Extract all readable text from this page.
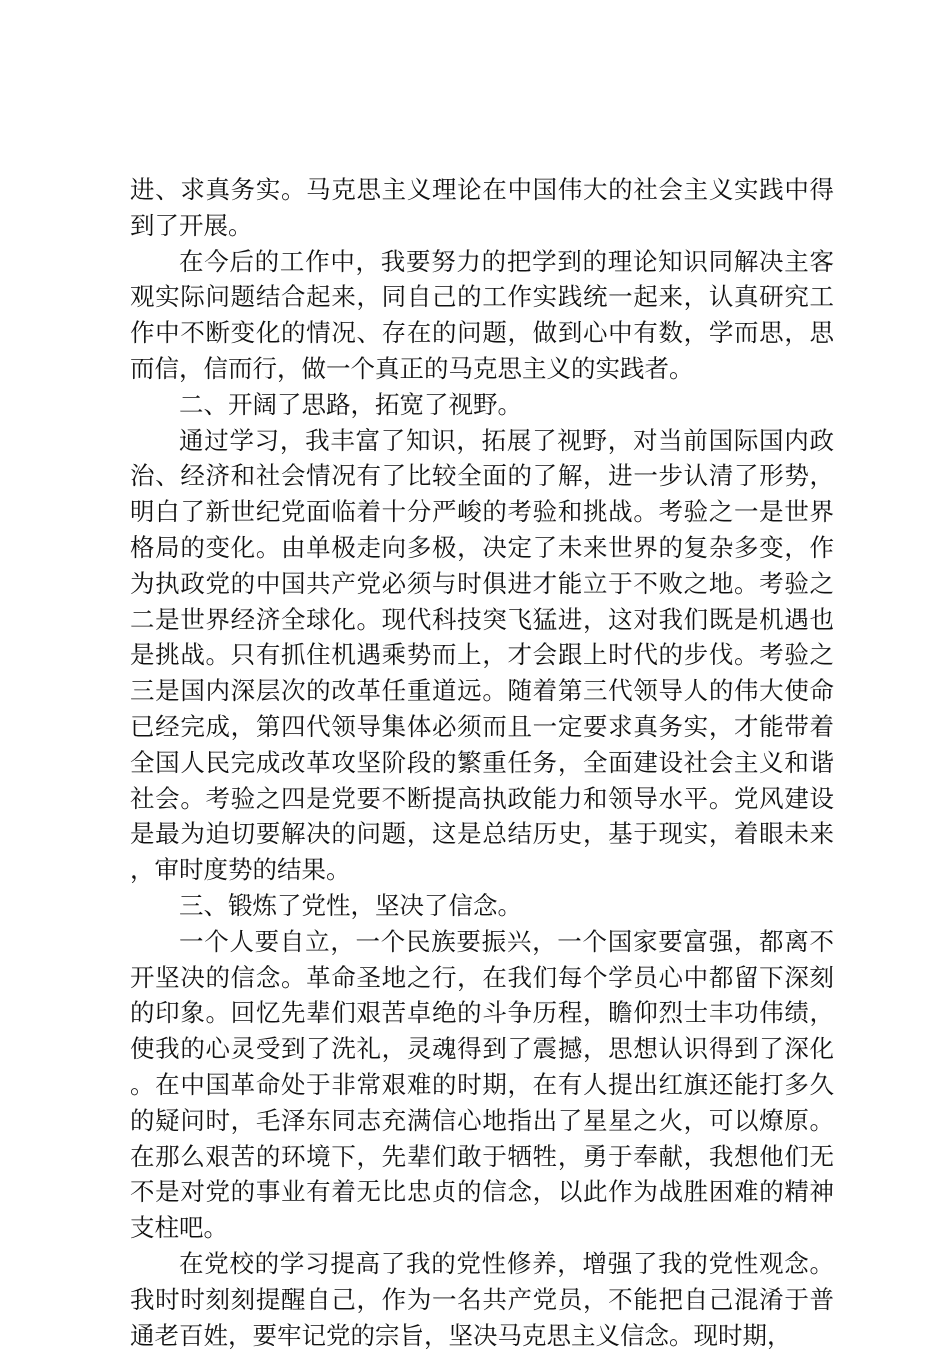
进、求真务实。马克思主义理论在中国伟大的社会主义实践中得到了开展。

在今后的工作中，我要努力的把学到的理论知识同解决主客观实际问题结合起来，同自己的工作实践统一起来，认真研究工作中不断变化的情况、存在的问题，做到心中有数，学而思，思而信，信而行，做一个真正的马克思主义的实践者。

二、开阔了思路，拓宽了视野。

通过学习，我丰富了知识，拓展了视野，对当前国际国内政治、经济和社会情况有了比较全面的了解，进一步认清了形势，明白了新世纪党面临着十分严峻的考验和挑战。考验之一是世界格局的变化。由单极走向多极，决定了未来世界的复杂多变，作为执政党的中国共产党必须与时俱进才能立于不败之地。考验之二是世界经济全球化。现代科技突飞猛进，这对我们既是机遇也是挑战。只有抓住机遇乘势而上，才会跟上时代的步伐。考验之三是国内深层次的改革任重道远。随着第三代领导人的伟大使命已经完成，第四代领导集体必须而且一定要求真务实，才能带着全国人民完成改革攻坚阶段的繁重任务，全面建设社会主义和谐社会。考验之四是党要不断提高执政能力和领导水平。党风建设是最为迫切要解决的问题，这是总结历史，基于现实，着眼未来，审时度势的结果。

三、锻炼了党性，坚决了信念。

一个人要自立，一个民族要振兴，一个国家要富强，都离不开坚决的信念。革命圣地之行，在我们每个学员心中都留下深刻的印象。回忆先辈们艰苦卓绝的斗争历程，瞻仰烈士丰功伟绩，使我的心灵受到了洗礼，灵魂得到了震撼，思想认识得到了深化。在中国革命处于非常艰难的时期，在有人提出红旗还能打多久的疑问时，毛泽东同志充满信心地指出了星星之火，可以燎原。在那么艰苦的环境下，先辈们敢于牺牲，勇于奉献，我想他们无不是对党的事业有着无比忠贞的信念，以此作为战胜困难的精神支柱吧。

在党校的学习提高了我的党性修养，增强了我的党性观念。我时时刻刻提醒自己，作为一名共产党员，不能把自己混淆于普通老百姓，要牢记党的宗旨，坚决马克思主义信念。现时期，
